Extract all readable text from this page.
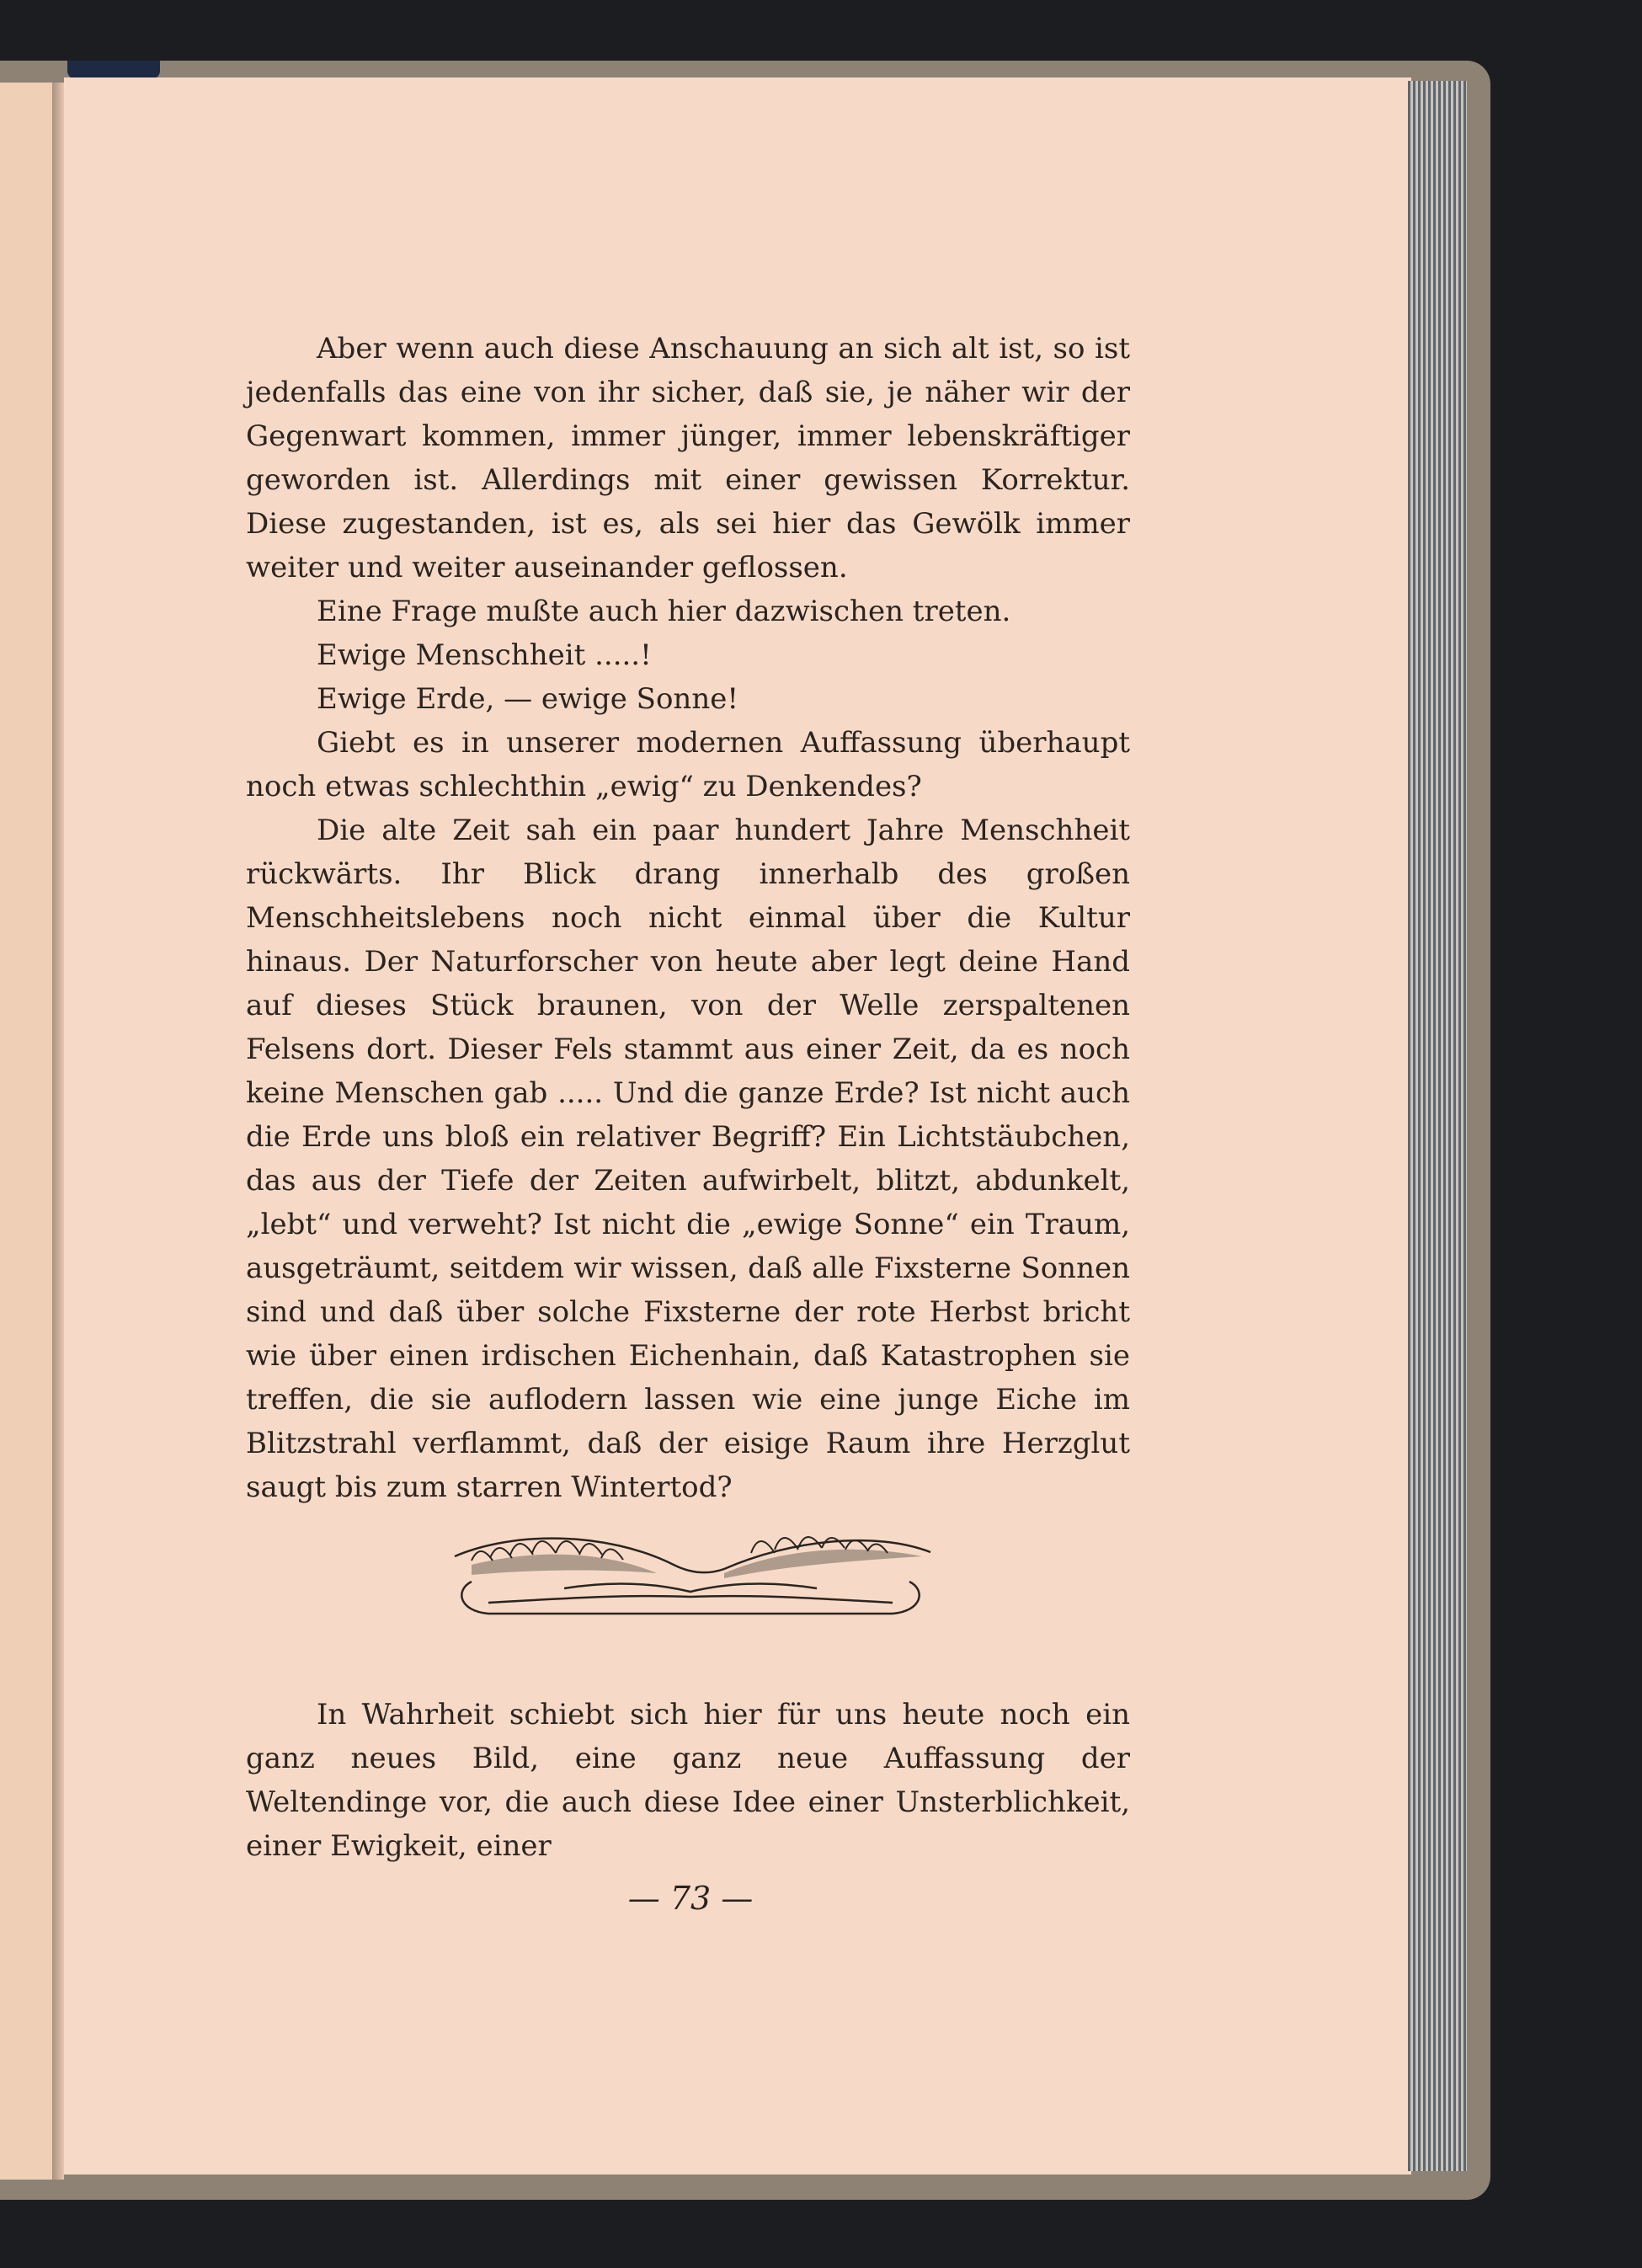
Aber wenn auch diese Anschauung an sich alt ist, so ist jedenfalls das eine von ihr sicher, daß sie, je näher wir der Gegenwart kommen, immer jünger, immer lebenskräftiger geworden ist. Allerdings mit einer gewissen Korrektur. Diese zugestanden, ist es, als sei hier das Gewölk immer weiter und weiter auseinander geflossen.

Eine Frage mußte auch hier dazwischen treten.

Ewige Menschheit .....!

Ewige Erde, — ewige Sonne!

Giebt es in unserer modernen Auffassung überhaupt noch etwas schlechthin „ewig“ zu Denkendes?

Die alte Zeit sah ein paar hundert Jahre Menschheit rückwärts. Ihr Blick drang innerhalb des großen Menschheitslebens noch nicht einmal über die Kultur hinaus. Der Naturforscher von heute aber legt deine Hand auf dieses Stück braunen, von der Welle zerspaltenen Felsens dort. Dieser Fels stammt aus einer Zeit, da es noch keine Menschen gab ..... Und die ganze Erde? Ist nicht auch die Erde uns bloß ein relativer Begriff? Ein Lichtstäubchen, das aus der Tiefe der Zeiten aufwirbelt, blitzt, abdunkelt, „lebt“ und verweht? Ist nicht die „ewige Sonne“ ein Traum, ausgeträumt, seitdem wir wissen, daß alle Fixsterne Sonnen sind und daß über solche Fixsterne der rote Herbst bricht wie über einen irdischen Eichenhain, daß Katastrophen sie treffen, die sie auflodern lassen wie eine junge Eiche im Blitzstrahl verflammt, daß der eisige Raum ihre Herzglut saugt bis zum starren Wintertod?

In Wahrheit schiebt sich hier für uns heute noch ein ganz neues Bild, eine ganz neue Auffassung der Weltendinge vor, die auch diese Idee einer Unsterblichkeit, einer Ewigkeit, einer

— 73 —
